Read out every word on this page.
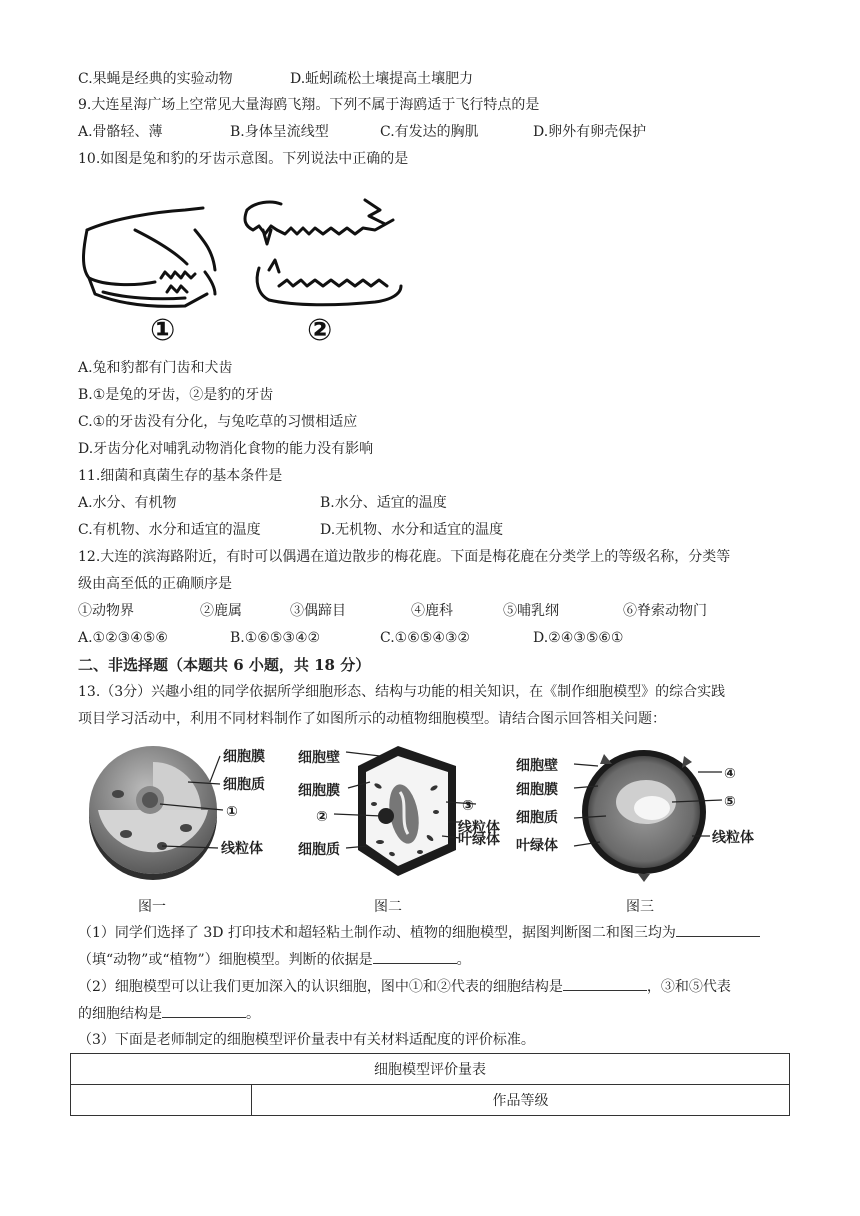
C.果蝇是经典的实验动物	D.蚯蚓疏松土壤提高土壤肥力
9.大连星海广场上空常见大量海鸥飞翔。下列不属于海鸥适于飞行特点的是
A.骨骼轻、薄	B.身体呈流线型	C.有发达的胸肌	D.卵外有卵壳保护
10.如图是兔和豹的牙齿示意图。下列说法中正确的是
①	②
A.兔和豹都有门齿和犬齿
B.①是兔的牙齿，②是豹的牙齿
C.①的牙齿没有分化，与兔吃草的习惯相适应
D.牙齿分化对哺乳动物消化食物的能力没有影响
11.细菌和真菌生存的基本条件是
A.水分、有机物	B.水分、适宜的温度
C.有机物、水分和适宜的温度	D.无机物、水分和适宜的温度
12.大连的滨海路附近，有时可以偶遇在道边散步的梅花鹿。下面是梅花鹿在分类学上的等级名称，分类等
级由高至低的正确顺序是
①动物界	②鹿属	③偶蹄目	④鹿科	⑤哺乳纲	⑥脊索动物门
A.①②③④⑤⑥	B.①⑥⑤③④②	C.①⑥⑤④③②	D.②④③⑤⑥①
二、非选择题（本题共 6 小题，共 18 分）
13.（3分）兴趣小组的同学依据所学细胞形态、结构与功能的相关知识，在《制作细胞模型》的综合实践
项目学习活动中，利用不同材料制作了如图所示的动植物细胞模型。请结合图示回答相关问题：
细胞膜
细胞质
①
线粒体
图一
细胞壁
细胞膜
②
细胞质
③
线粒体
叶绿体
图二
细胞壁
细胞膜
细胞质
叶绿体
④
⑤
线粒体
图三
（1）同学们选择了 3D 打印技术和超轻粘土制作动、植物的细胞模型，据图判断图二和图三均为
（填“动物”或“植物”）细胞模型。判断的依据是	。
（2）细胞模型可以让我们更加深入的认识细胞，图中①和②代表的细胞结构是	，③和⑤代表
的细胞结构是	。
（3）下面是老师制定的细胞模型评价量表中有关材料适配度的评价标准。
细胞模型评价量表
	作品等级
